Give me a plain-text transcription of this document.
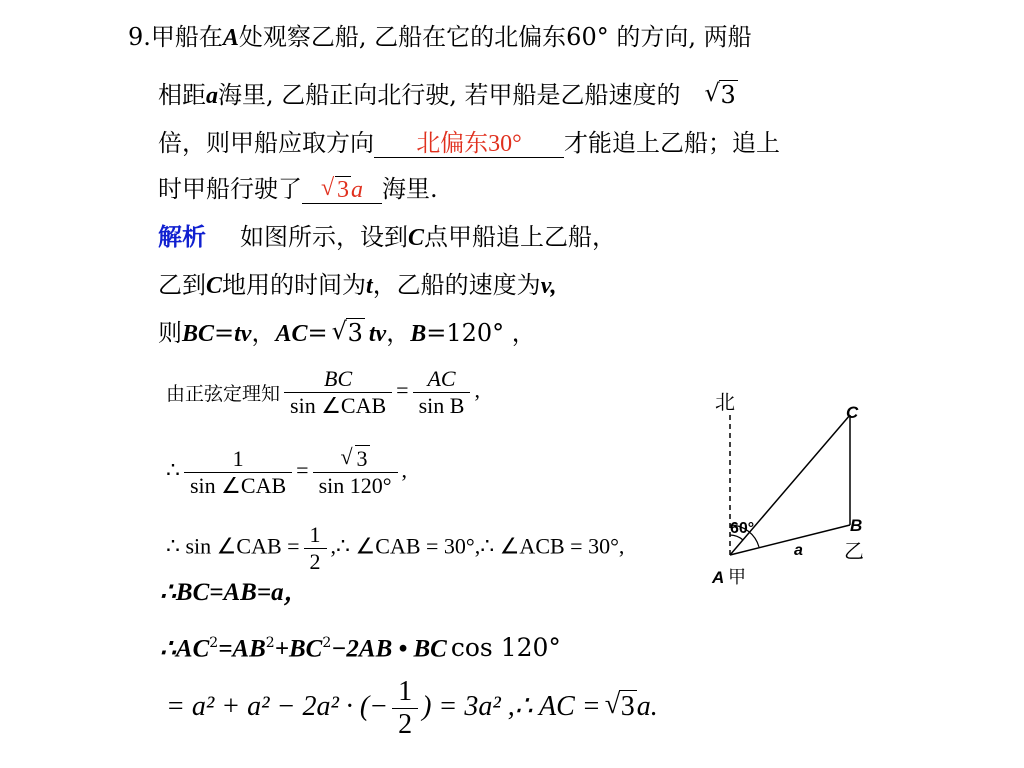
9.甲船在A处观察乙船, 乙船在它的北偏东60° 的方向, 两船
相距a海里, 乙船正向北行驶, 若甲船是乙船速度的 √ 3
倍，则甲船应取方向 北偏东30° 才能追上乙船；追上
时甲船行驶了 √ 3a 海里.
解析 如图所示，设到C点甲船追上乙船，
乙到C地用的时间为t，乙船的速度为v,
则BC=tv，AC= √ 3 tv，B=120° ，
由正弦定理知 $\frac{BC}{\text{sin ∠CAB}} = \frac{AC}{\text{sin B}}$ ,
∴ $\frac{1}{\text{sin ∠CAB}}$ = √ $\frac{3}{\sin 120^\circ}$ ,
∴ sin ∠CAB = $\frac{1}{2}$ ,∴ ∠CAB = 30°,∴ ∠ACB = 30°,
∴BC=AB=a，
$\therefore AC^2=AB^2+BC^2-2AB$ • BC cos 120°
= a² + a² − 2a² · (− $\frac{1}{2}$ ) = 3a² ,∴ AC = √ 3a.
北	C
60°	B
乙
a
A 甲
